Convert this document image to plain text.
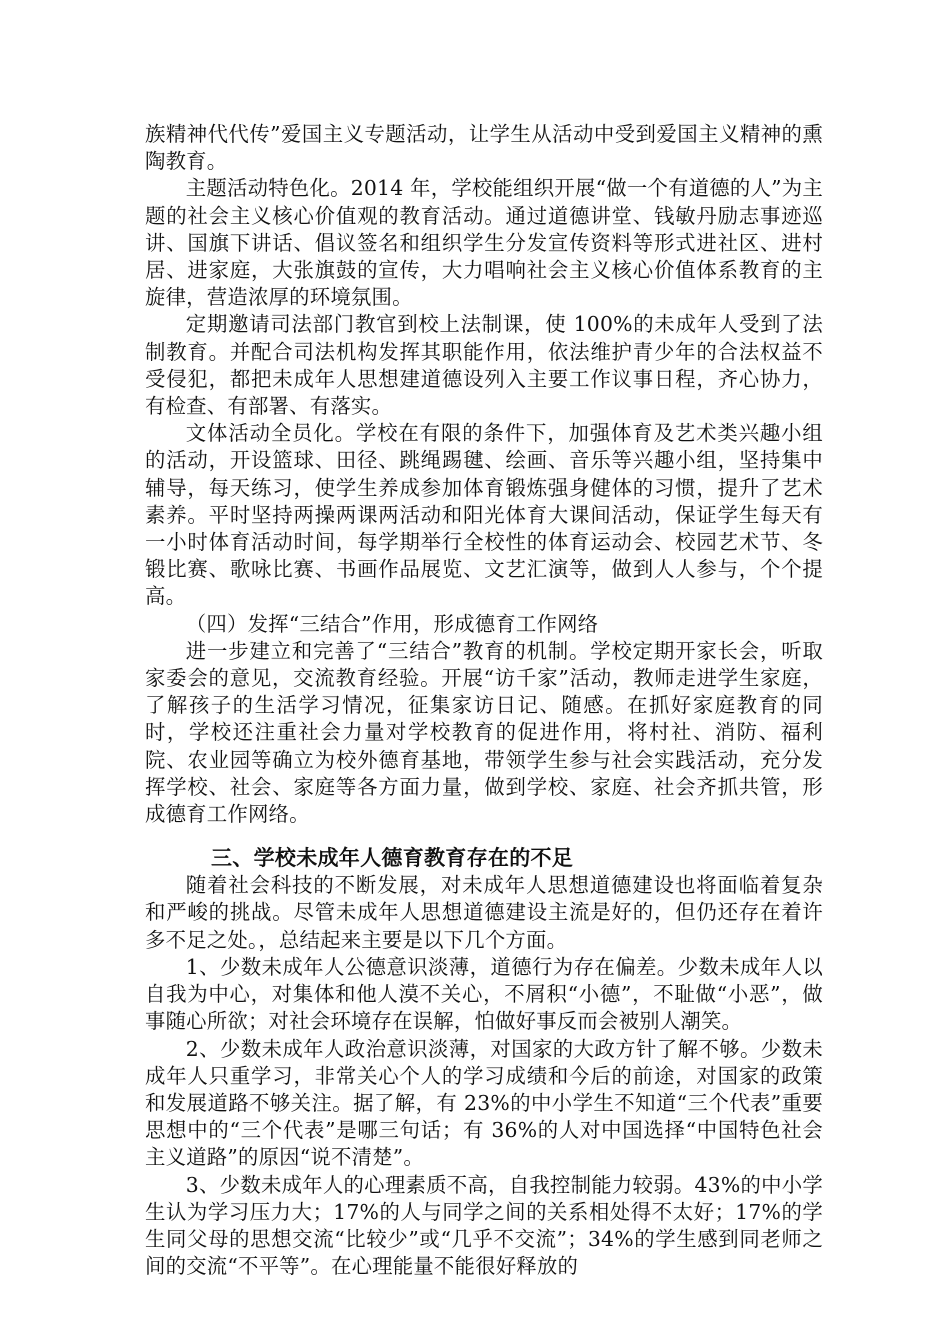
族精神代代传”爱国主义专题活动，让学生从活动中受到爱国主义精神的熏陶教育。

主题活动特色化。2014 年，学校能组织开展“做一个有道德的人”为主题的社会主义核心价值观的教育活动。通过道德讲堂、钱敏丹励志事迹巡讲、国旗下讲话、倡议签名和组织学生分发宣传资料等形式进社区、进村居、进家庭，大张旗鼓的宣传，大力唱响社会主义核心价值体系教育的主旋律，营造浓厚的环境氛围。

定期邀请司法部门教官到校上法制课，使 100%的未成年人受到了法制教育。并配合司法机构发挥其职能作用，依法维护青少年的合法权益不受侵犯，都把未成年人思想建道德设列入主要工作议事日程，齐心协力，有检查、有部署、有落实。

文体活动全员化。学校在有限的条件下，加强体育及艺术类兴趣小组的活动，开设篮球、田径、跳绳踢毽、绘画、音乐等兴趣小组，坚持集中辅导，每天练习，使学生养成参加体育锻炼强身健体的习惯，提升了艺术素养。平时坚持两操两课两活动和阳光体育大课间活动，保证学生每天有一小时体育活动时间，每学期举行全校性的体育运动会、校园艺术节、冬锻比赛、歌咏比赛、书画作品展览、文艺汇演等，做到人人参与，个个提高。

（四）发挥“三结合”作用，形成德育工作网络

进一步建立和完善了“三结合”教育的机制。学校定期开家长会，听取家委会的意见，交流教育经验。开展“访千家”活动，教师走进学生家庭，了解孩子的生活学习情况，征集家访日记、随感。在抓好家庭教育的同时，学校还注重社会力量对学校教育的促进作用，将村社、消防、福利院、农业园等确立为校外德育基地，带领学生参与社会实践活动，充分发挥学校、社会、家庭等各方面力量，做到学校、家庭、社会齐抓共管，形成德育工作网络。

三、学校未成年人德育教育存在的不足

随着社会科技的不断发展，对未成年人思想道德建设也将面临着复杂和严峻的挑战。尽管未成年人思想道德建设主流是好的，但仍还存在着许多不足之处。，总结起来主要是以下几个方面。

1、少数未成年人公德意识淡薄，道德行为存在偏差。少数未成年人以自我为中心，对集体和他人漠不关心，不屑积“小德”，不耻做“小恶”，做事随心所欲；对社会环境存在误解，怕做好事反而会被别人潮笑。

2、少数未成年人政治意识淡薄，对国家的大政方针了解不够。少数未成年人只重学习，非常关心个人的学习成绩和今后的前途，对国家的政策和发展道路不够关注。据了解，有 23%的中小学生不知道“三个代表”重要思想中的“三个代表”是哪三句话；有 36%的人对中国选择“中国特色社会主义道路”的原因“说不清楚”。

3、少数未成年人的心理素质不高，自我控制能力较弱。43%的中小学生认为学习压力大；17%的人与同学之间的关系相处得不太好；17%的学生同父母的思想交流“比较少”或“几乎不交流”；34%的学生感到同老师之间的交流“不平等”。在心理能量不能很好释放的
